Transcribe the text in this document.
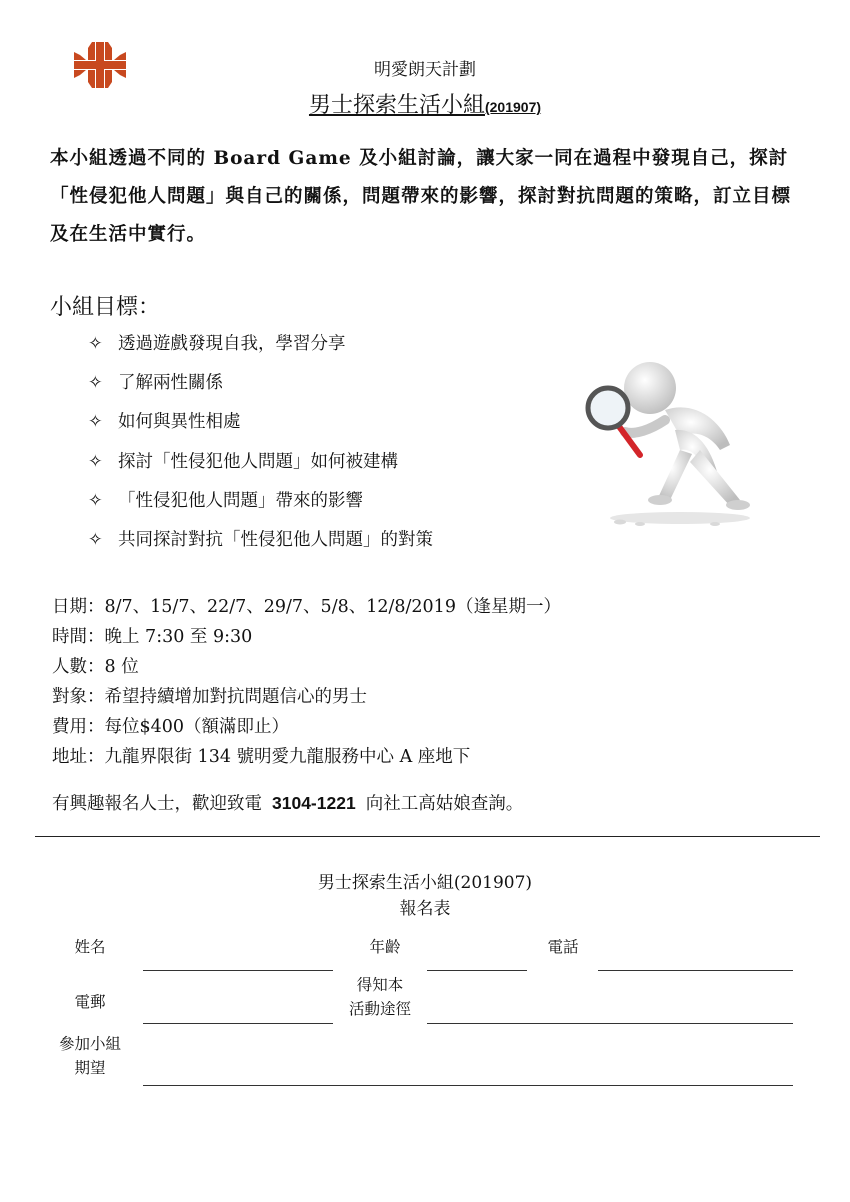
明愛朗天計劃
男士探索生活小組(201907)
本小組透過不同的 Board Game 及小組討論，讓大家一同在過程中發現自己，探討「性侵犯他人問題」與自己的關係，問題帶來的影響，探討對抗問題的策略，訂立目標及在生活中實行。
小組目標：
✧ 透過遊戲發現自我，學習分享
✧ 了解兩性關係
✧ 如何與異性相處
✧ 探討「性侵犯他人問題」如何被建構
✧ 「性侵犯他人問題」帶來的影響
✧ 共同探討對抗「性侵犯他人問題」的對策
日期：8/7、15/7、22/7、29/7、5/8、12/8/2019（逢星期一）
時間：晚上 7:30 至 9:30
人數：8 位
對象：希望持續增加對抗問題信心的男士
費用：每位$400（額滿即止）
地址：九龍界限街 134 號明愛九龍服務中心 A 座地下
有興趣報名人士，歡迎致電 3104-1221 向社工高姑娘查詢。
男士探索生活小組(201907)
報名表
姓名	年齡	電話
電郵
得知本
活動途徑
參加小組
期望
